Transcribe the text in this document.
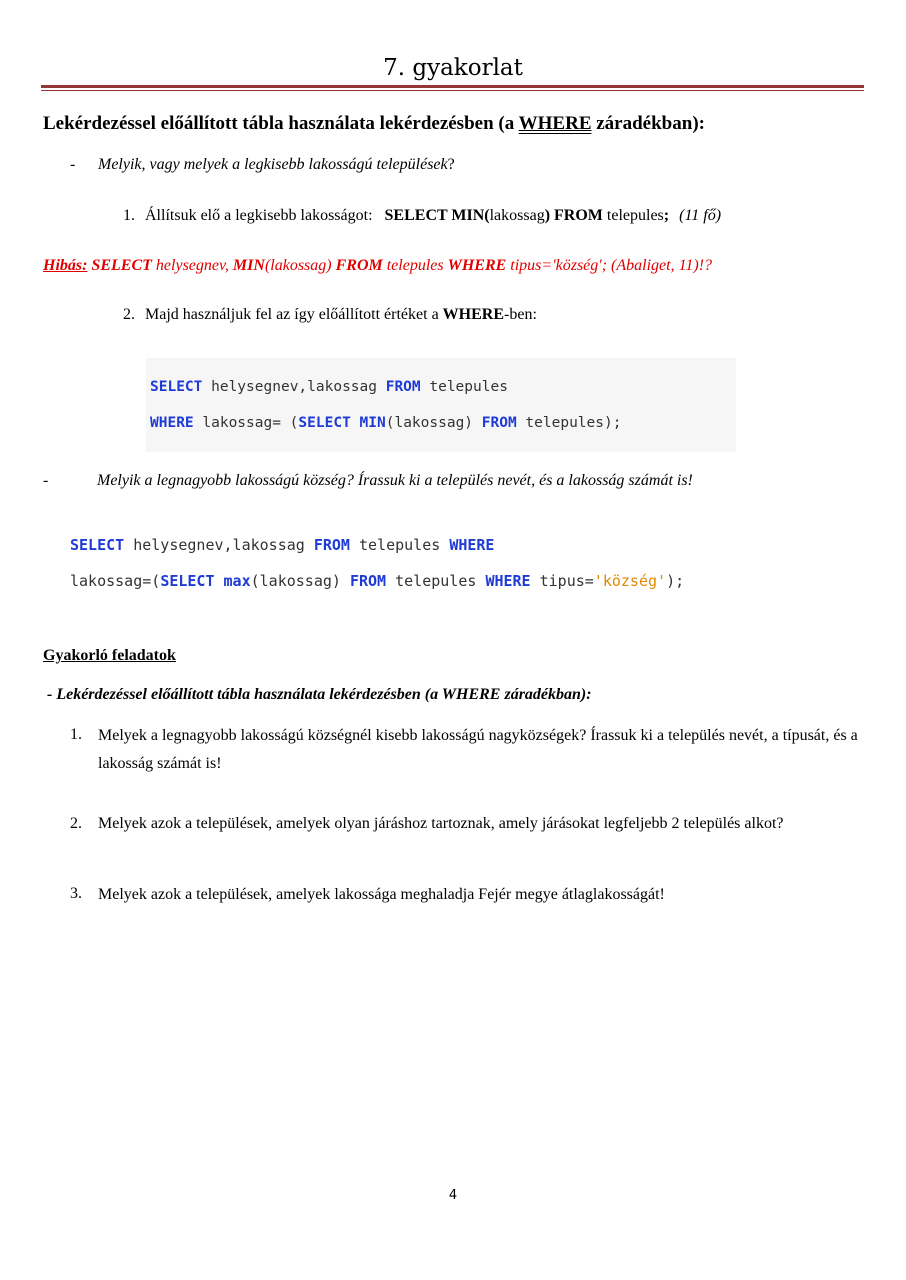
7. gyakorlat
Lekérdezéssel előállított tábla használata lekérdezésben (a WHERE záradékban):
- Melyik, vagy melyek a legkisebb lakosságú települések?
1. Állítsuk elő a legkisebb lakosságot: SELECT MIN(lakossag) FROM telepules; (11 fő)
Hibás: SELECT helysegnev, MIN(lakossag) FROM telepules WHERE tipus='község'; (Abaliget, 11)!?
2. Majd használjuk fel az így előállított értéket a WHERE-ben:

SELECT helysegnev,lakossag FROM telepules

WHERE lakossag= (SELECT MIN(lakossag) FROM telepules);

-	Melyik a legnagyobb lakosságú község? Írassuk ki a település nevét, és a lakosság számát is!

SELECT helysegnev,lakossag FROM telepules WHERE

lakossag=(SELECT max(lakossag) FROM telepules WHERE tipus='község');

Gyakorló feladatok
- Lekérdezéssel előállított tábla használata lekérdezésben (a WHERE záradékban):
1. Melyek a legnagyobb lakosságú községnél kisebb lakosságú nagyközségek? Írassuk ki a település nevét, a típusát, és a lakosság számát is!
2. Melyek azok a települések, amelyek olyan járáshoz tartoznak, amely járásokat legfeljebb 2 település alkot?
3. Melyek azok a települések, amelyek lakossága meghaladja Fejér megye átlaglakosságát!
4
